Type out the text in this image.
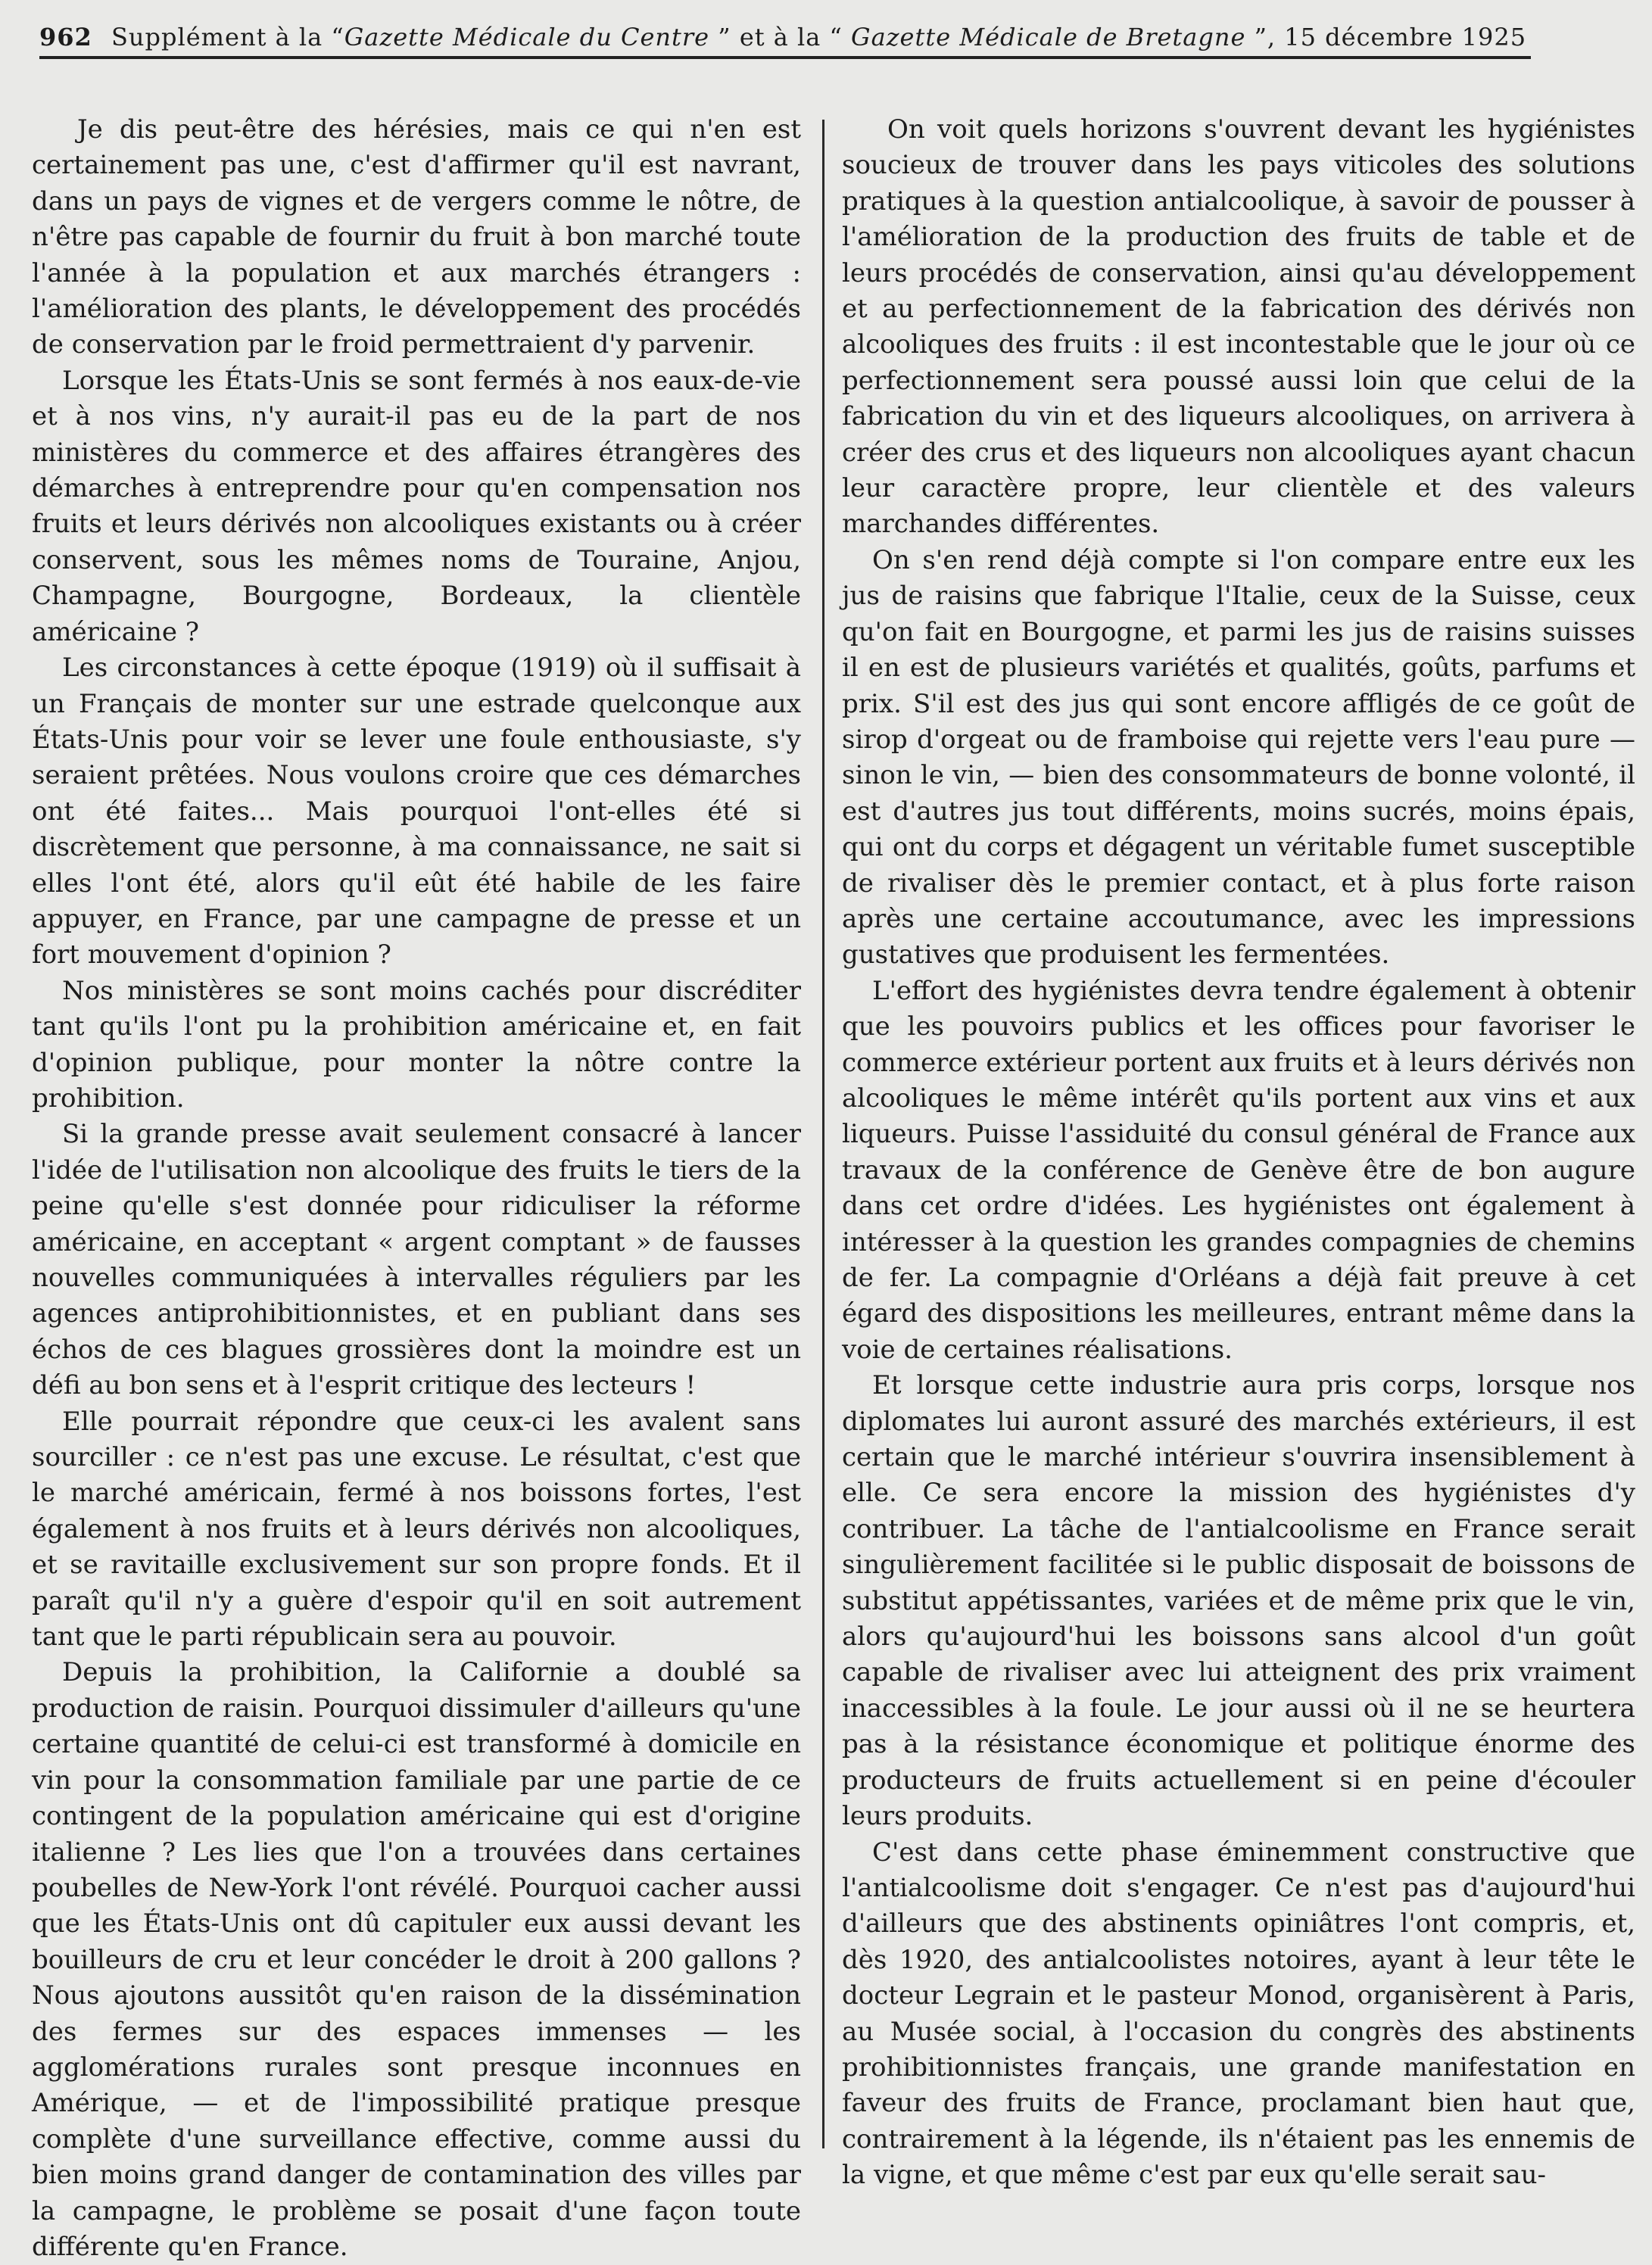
962 Supplément à la “Gazette Médicale du Centre ” et à la “ Gazette Médicale de Bretagne ”, 15 décembre 1925

Je dis peut-être des hérésies, mais ce qui n'en est certainement pas une, c'est d'affirmer qu'il est navrant, dans un pays de vignes et de vergers comme le nôtre, de n'être pas capable de fournir du fruit à bon marché toute l'année à la population et aux marchés étrangers : l'amélioration des plants, le développement des procédés de conservation par le froid permettraient d'y parvenir.

Lorsque les États-Unis se sont fermés à nos eaux-de-vie et à nos vins, n'y aurait-il pas eu de la part de nos ministères du commerce et des affaires étrangères des démarches à entreprendre pour qu'en compensation nos fruits et leurs dérivés non alcooliques existants ou à créer conservent, sous les mêmes noms de Touraine, Anjou, Champagne, Bourgogne, Bordeaux, la clientèle américaine ?

Les circonstances à cette époque (1919) où il suffisait à un Français de monter sur une estrade quelconque aux États-Unis pour voir se lever une foule enthousiaste, s'y seraient prêtées. Nous voulons croire que ces démarches ont été faites... Mais pourquoi l'ont-elles été si discrètement que personne, à ma connaissance, ne sait si elles l'ont été, alors qu'il eût été habile de les faire appuyer, en France, par une campagne de presse et un fort mouvement d'opinion ?

Nos ministères se sont moins cachés pour discréditer tant qu'ils l'ont pu la prohibition américaine et, en fait d'opinion publique, pour monter la nôtre contre la prohibition.

Si la grande presse avait seulement consacré à lancer l'idée de l'utilisation non alcoolique des fruits le tiers de la peine qu'elle s'est donnée pour ridiculiser la réforme américaine, en acceptant « argent comptant » de fausses nouvelles communiquées à intervalles réguliers par les agences antiprohibitionnistes, et en publiant dans ses échos de ces blagues grossières dont la moindre est un défi au bon sens et à l'esprit critique des lecteurs !

Elle pourrait répondre que ceux-ci les avalent sans sourciller : ce n'est pas une excuse. Le résultat, c'est que le marché américain, fermé à nos boissons fortes, l'est également à nos fruits et à leurs dérivés non alcooliques, et se ravitaille exclusivement sur son propre fonds. Et il paraît qu'il n'y a guère d'espoir qu'il en soit autrement tant que le parti républicain sera au pouvoir.

Depuis la prohibition, la Californie a doublé sa production de raisin. Pourquoi dissimuler d'ailleurs qu'une certaine quantité de celui-ci est transformé à domicile en vin pour la consommation familiale par une partie de ce contingent de la population américaine qui est d'origine italienne ? Les lies que l'on a trouvées dans certaines poubelles de New-York l'ont révélé. Pourquoi cacher aussi que les États-Unis ont dû capituler eux aussi devant les bouilleurs de cru et leur concéder le droit à 200 gallons ? Nous ajoutons aussitôt qu'en raison de la dissémination des fermes sur des espaces immenses — les agglomérations rurales sont presque inconnues en Amérique, — et de l'impossibilité pratique presque complète d'une surveillance effective, comme aussi du bien moins grand danger de contamination des villes par la campagne, le problème se posait d'une façon toute différente qu'en France.

On voit quels horizons s'ouvrent devant les hygiénistes soucieux de trouver dans les pays viticoles des solutions pratiques à la question antialcoolique, à savoir de pousser à l'amélioration de la production des fruits de table et de leurs procédés de conservation, ainsi qu'au développement et au perfectionnement de la fabrication des dérivés non alcooliques des fruits : il est incontestable que le jour où ce perfectionnement sera poussé aussi loin que celui de la fabrication du vin et des liqueurs alcooliques, on arrivera à créer des crus et des liqueurs non alcooliques ayant chacun leur caractère propre, leur clientèle et des valeurs marchandes différentes.

On s'en rend déjà compte si l'on compare entre eux les jus de raisins que fabrique l'Italie, ceux de la Suisse, ceux qu'on fait en Bourgogne, et parmi les jus de raisins suisses il en est de plusieurs variétés et qualités, goûts, parfums et prix. S'il est des jus qui sont encore affligés de ce goût de sirop d'orgeat ou de framboise qui rejette vers l'eau pure — sinon le vin, — bien des consommateurs de bonne volonté, il est d'autres jus tout différents, moins sucrés, moins épais, qui ont du corps et dégagent un véritable fumet susceptible de rivaliser dès le premier contact, et à plus forte raison après une certaine accoutumance, avec les impressions gustatives que produisent les fermentées.

L'effort des hygiénistes devra tendre également à obtenir que les pouvoirs publics et les offices pour favoriser le commerce extérieur portent aux fruits et à leurs dérivés non alcooliques le même intérêt qu'ils portent aux vins et aux liqueurs. Puisse l'assiduité du consul général de France aux travaux de la conférence de Genève être de bon augure dans cet ordre d'idées. Les hygiénistes ont également à intéresser à la question les grandes compagnies de chemins de fer. La compagnie d'Orléans a déjà fait preuve à cet égard des dispositions les meilleures, entrant même dans la voie de certaines réalisations.

Et lorsque cette industrie aura pris corps, lorsque nos diplomates lui auront assuré des marchés extérieurs, il est certain que le marché intérieur s'ouvrira insensiblement à elle. Ce sera encore la mission des hygiénistes d'y contribuer. La tâche de l'antialcoolisme en France serait singulièrement facilitée si le public disposait de boissons de substitut appétissantes, variées et de même prix que le vin, alors qu'aujourd'hui les boissons sans alcool d'un goût capable de rivaliser avec lui atteignent des prix vraiment inaccessibles à la foule. Le jour aussi où il ne se heurtera pas à la résistance économique et politique énorme des producteurs de fruits actuellement si en peine d'écouler leurs produits.

C'est dans cette phase éminemment constructive que l'antialcoolisme doit s'engager. Ce n'est pas d'aujourd'hui d'ailleurs que des abstinents opiniâtres l'ont compris, et, dès 1920, des antialcoolistes notoires, ayant à leur tête le docteur Legrain et le pasteur Monod, organisèrent à Paris, au Musée social, à l'occasion du congrès des abstinents prohibitionnistes français, une grande manifestation en faveur des fruits de France, proclamant bien haut que, contrairement à la légende, ils n'étaient pas les ennemis de la vigne, et que même c'est par eux qu'elle serait sau-
